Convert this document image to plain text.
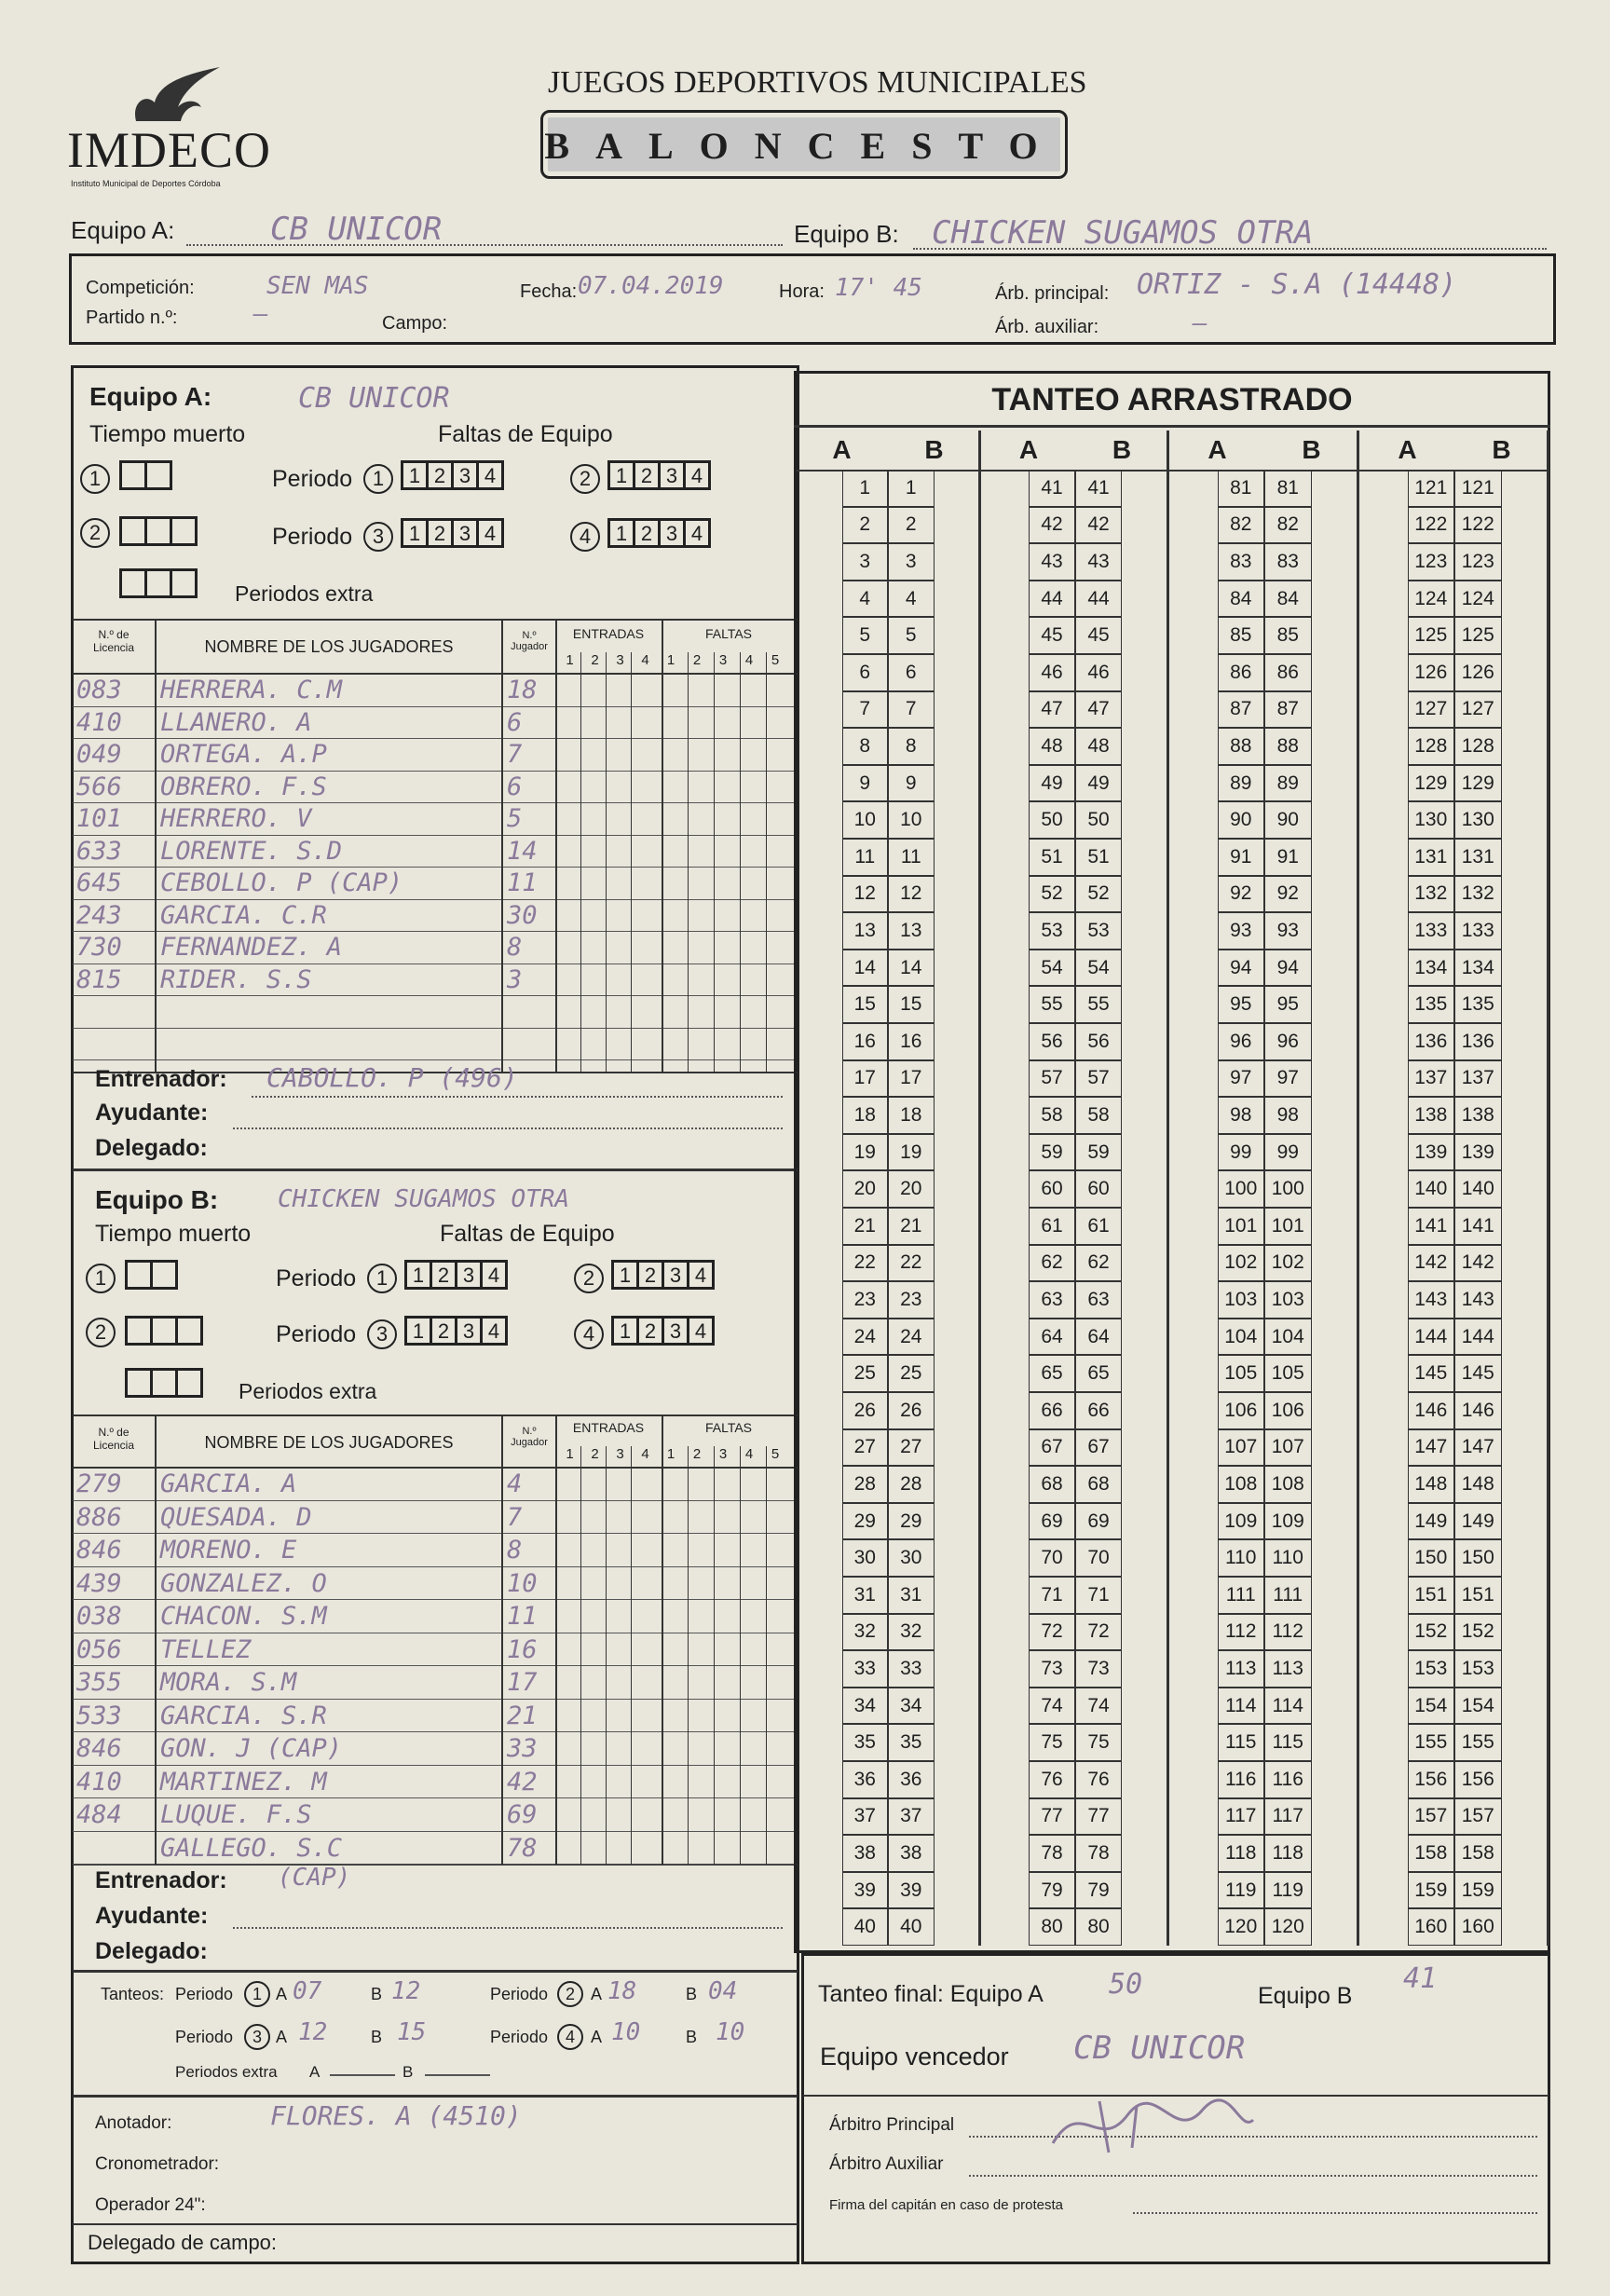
IMDECO
Instituto Municipal de Deportes Córdoba
JUEGOS DEPORTIVOS MUNICIPALES
BALONCESTO
Equipo A:	CB UNICOR	Equipo B: CHICKEN SUGAMOS OTRA
Competición:	SEN MAS	Fecha: 07.04.2019	Hora: 17' 45	Árb. principal: ORTIZ - S.A (14448)
Partido n.º:	—	Campo:	Árb. auxiliar:	—
Equipo A:	CB UNICOR
Tiempo muerto	Faltas de Equipo
1
2
Periodos extra
Periodo 1	1 2 3 4	2	1 2 3 4
Periodo 3	1 2 3 4	4	1 2 3 4
N.º de Licencia	NOMBRE DE LOS JUGADORES
N.º Jugador
ENTRADAS	FALTAS
1	2	3	4	1	2	3	4	5
083	HERRERA. C.M	18
410	LLANERO. A	6
049	ORTEGA. A.P	7
566	OBRERO. F.S	6
101	HERRERO. V	5
633	LORENTE. S.D	14
645	CEBOLLO. P (CAP)	11
243	GARCIA. C.R	30
730	FERNANDEZ. A	8
815	RIDER. S.S	3
Entrenador: CABOLLO. P (496)
Ayudante:
Delegado:
Equipo B: CHICKEN SUGAMOS OTRA
Tiempo muerto	Faltas de Equipo
1
2
Periodos extra
Periodo 1	1 2 3 4	2	1 2 3 4
Periodo 3	1 2 3 4	4	1 2 3 4
N.º de Licencia	NOMBRE DE LOS JUGADORES
N.º Jugador
ENTRADAS	FALTAS
1	2	3	4	1	2	3	4	5
279	GARCIA. A	4
886	QUESADA. D	7
846	MORENO. E	8
439	GONZALEZ. O	10
038	CHACON. S.M	11
056	TELLEZ	16
355	MORA. S.M	17
533	GARCIA. S.R	21
846	GON. J (CAP)	33
410	MARTINEZ. M	42
484	LUQUE. F.S	69
GALLEGO. S.C	78
Entrenador: (CAP)
Ayudante:
Delegado:
Tanteos: Periodo	1 A 07	B 12	Periodo	2 A 18	B 04
Periodo	3 A 12	B 15	Periodo	4 A 10	B 10
Periodos extra A	B
Anotador:	FLORES. A (4510)
Cronometrador:
Operador 24":
Delegado de campo:
TANTEO ARRASTRADO
A	B
1	1
2	2
3	3
4	4
5	5
6	6
7	7
8	8
9	9
10	10
11	11
12	12
13	13
14	14
15	15
16	16
17	17
18	18
19	19
20	20
21	21
22	22
23	23
24	24
25	25
26	26
27	27
28	28
29	29
30	30
31	31
32	32
33	33
34	34
35	35
36	36
37	37
38	38
39	39
40	40
A	B
41	41
42	42
43	43
44	44
45	45
46	46
47	47
48	48
49	49
50	50
51	51
52	52
53	53
54	54
55	55
56	56
57	57
58	58
59	59
60	60
61	61
62	62
63	63
64	64
65	65
66	66
67	67
68	68
69	69
70	70
71	71
72	72
73	73
74	74
75	75
76	76
77	77
78	78
79	79
80	80
A	B
81	81
82	82
83	83
84	84
85	85
86	86
87	87
88	88
89	89
90	90
91	91
92	92
93	93
94	94
95	95
96	96
97	97
98	98
99	99
100 100
101 101
102 102
103 103
104 104
105 105
106 106
107 107
108 108
109 109
110 110
111 111
112 112
113 113
114 114
115 115
116 116
117 117
118 118
119 119
120 120
A	B
121 121
122 122
123 123
124 124
125 125
126 126
127 127
128 128
129 129
130 130
131 131
132 132
133 133
134 134
135 135
136 136
137 137
138 138
139 139
140 140
141 141
142 142
143 143
144 144
145 145
146 146
147 147
148 148
149 149
150 150
151 151
152 152
153 153
154 154
155 155
156 156
157 157
158 158
159 159
160 160
Tanteo final: Equipo A 50	Equipo B
41
Equipo vencedor CB UNICOR
Árbitro Principal
Árbitro Auxiliar
Firma del capitán en caso de protesta
